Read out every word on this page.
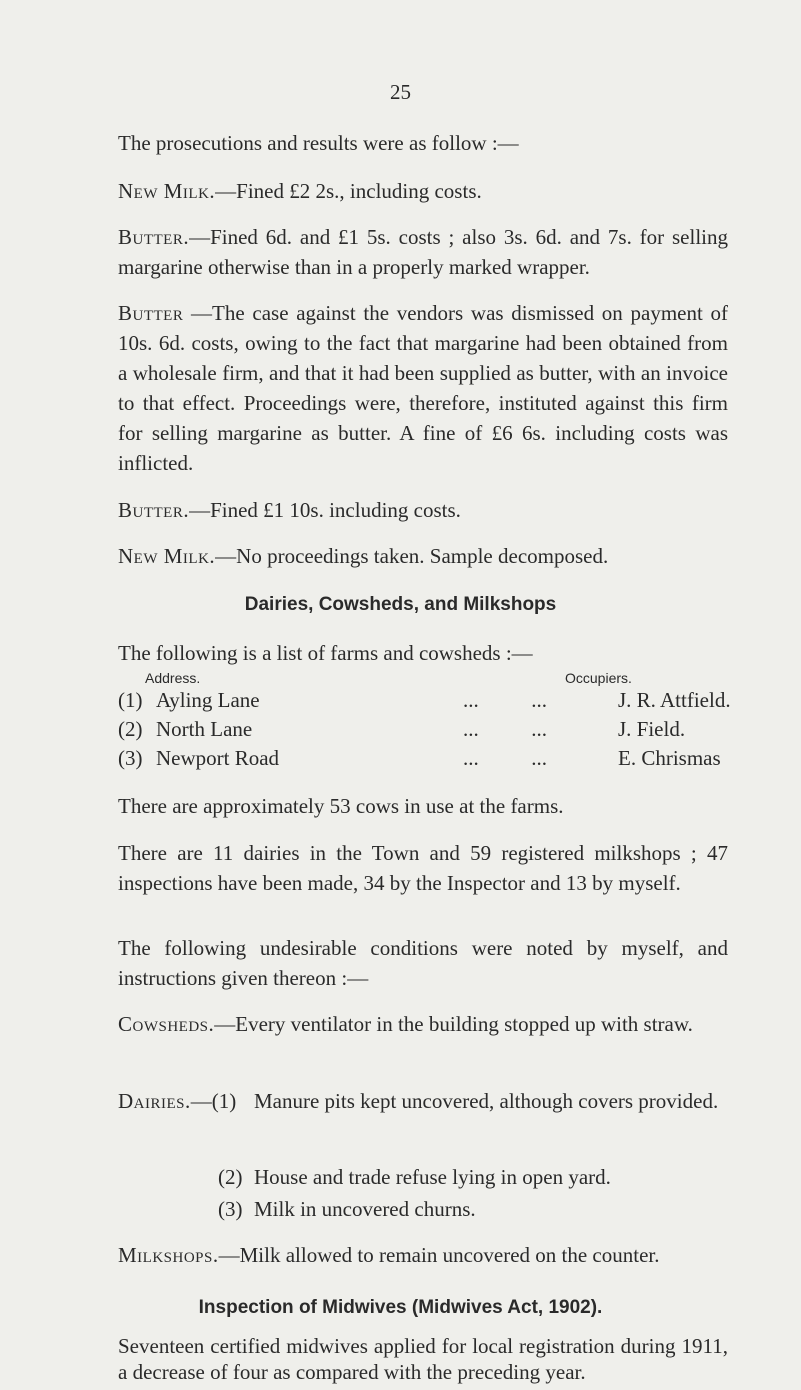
25

The prosecutions and results were as follow :—

New Milk.—Fined £2 2s., including costs.

Butter.—Fined 6d. and £1 5s. costs ; also 3s. 6d. and 7s. for selling margarine otherwise than in a properly marked wrapper.

Butter —The case against the vendors was dismissed on payment of 10s. 6d. costs, owing to the fact that margarine had been obtained from a wholesale firm, and that it had been supplied as butter, with an invoice to that effect. Proceedings were, therefore, instituted against this firm for selling margarine as butter. A fine of £6 6s. including costs was inflicted.

Butter.—Fined £1 10s. including costs.

New Milk.—No proceedings taken. Sample decomposed.

Dairies, Cowsheds, and Milkshops

The following is a list of farms and cowsheds :—

Address.	Occupiers.
(1) Ayling Lane	...          ...	J. R. Attfield.
(2) North Lane	...          ...	J. Field.
(3) Newport Road	...          ...	E. Chrismas

There are approximately 53 cows in use at the farms.

There are 11 dairies in the Town and 59 registered milkshops ; 47 inspections have been made, 34 by the Inspector and 13 by myself.

The following undesirable conditions were noted by myself, and instructions given thereon :—

Cowsheds.—Every ventilator in the building stopped up with straw.

Dairies.—(1) Manure pits kept uncovered, although covers provided.
(2) House and trade refuse lying in open yard.
(3) Milk in uncovered churns.

Milkshops.—Milk allowed to remain uncovered on the counter.

Inspection of Midwives (Midwives Act, 1902).

Seventeen certified midwives applied for local registration during 1911, a decrease of four as compared with the preceding year.
